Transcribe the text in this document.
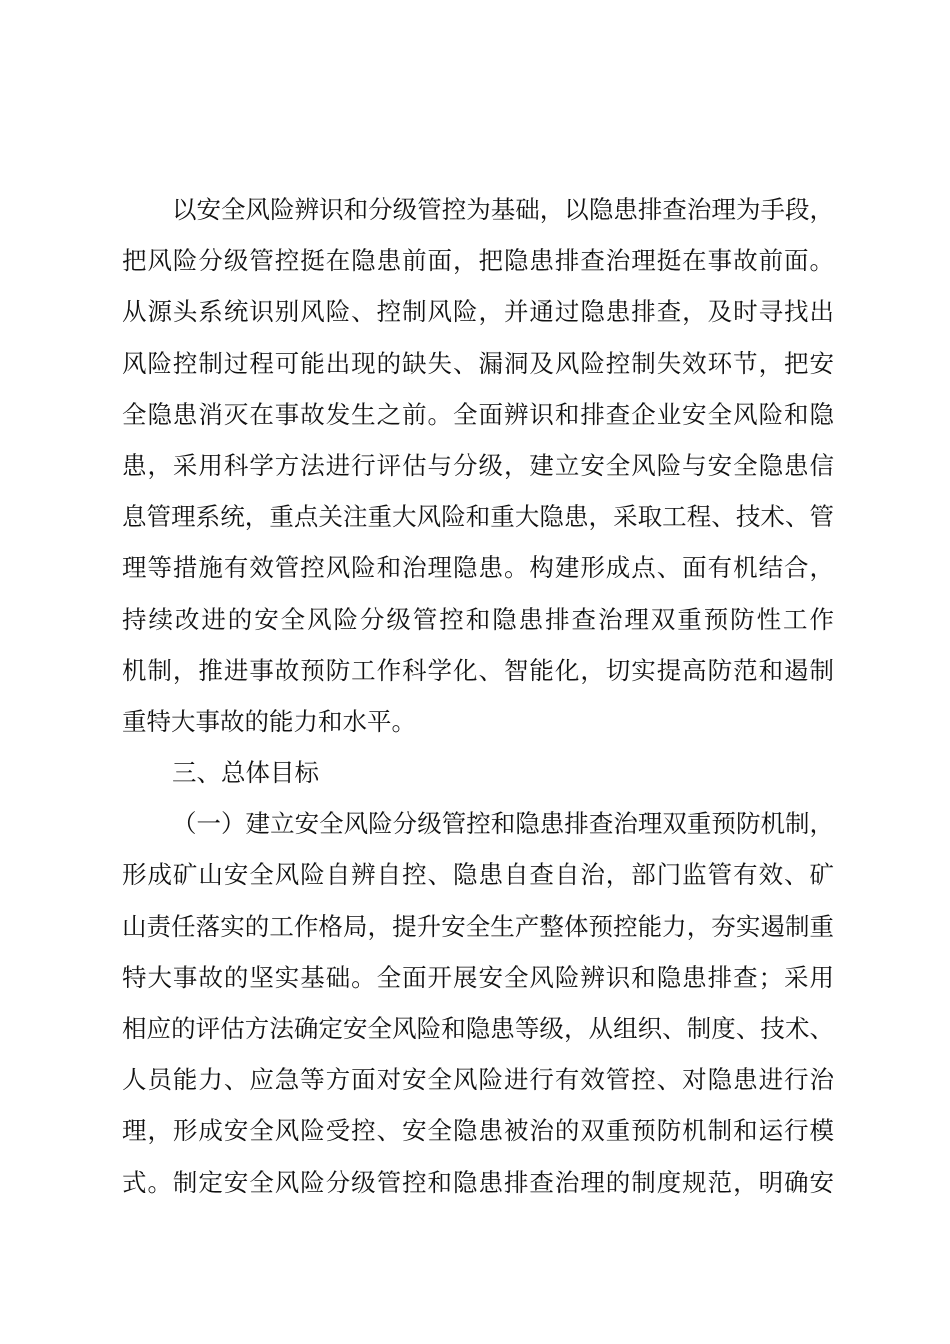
以安全风险辨识和分级管控为基础，以隐患排查治理为手段，
把风险分级管控挺在隐患前面，把隐患排查治理挺在事故前面。
从源头系统识别风险、控制风险，并通过隐患排查，及时寻找出
风险控制过程可能出现的缺失、漏洞及风险控制失效环节，把安
全隐患消灭在事故发生之前。全面辨识和排查企业安全风险和隐
患，采用科学方法进行评估与分级，建立安全风险与安全隐患信
息管理系统，重点关注重大风险和重大隐患，采取工程、技术、管
理等措施有效管控风险和治理隐患。构建形成点、面有机结合，
持续改进的安全风险分级管控和隐患排查治理双重预防性工作
机制，推进事故预防工作科学化、智能化，切实提高防范和遏制
重特大事故的能力和水平。
三、总体目标
（一）建立安全风险分级管控和隐患排查治理双重预防机制，
形成矿山安全风险自辨自控、隐患自查自治，部门监管有效、矿
山责任落实的工作格局，提升安全生产整体预控能力，夯实遏制重
特大事故的坚实基础。全面开展安全风险辨识和隐患排查；采用
相应的评估方法确定安全风险和隐患等级，从组织、制度、技术、
人员能力、应急等方面对安全风险进行有效管控、对隐患进行治
理，形成安全风险受控、安全隐患被治的双重预防机制和运行模
式。制定安全风险分级管控和隐患排查治理的制度规范，明确安
